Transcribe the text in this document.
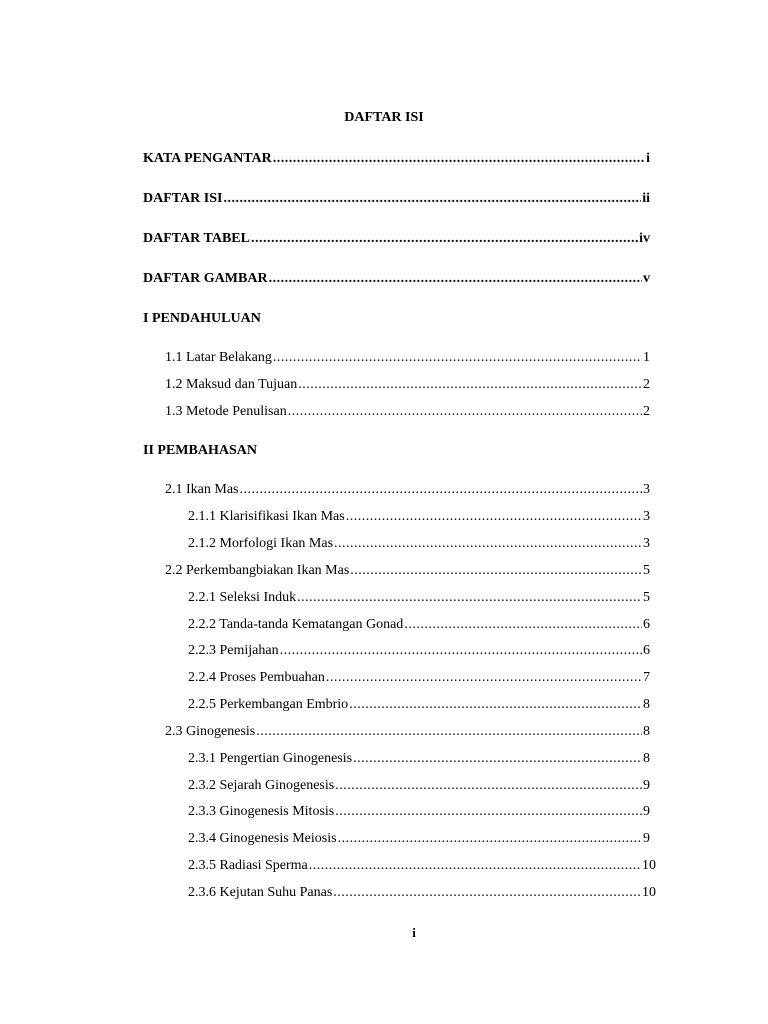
DAFTAR ISI
KATA PENGANTAR .....	i
DAFTAR ISI .....	ii
DAFTAR TABEL .....	iv
DAFTAR GAMBAR .....	v
I PENDAHULUAN
1.1 Latar Belakang .....	1
1.2 Maksud dan Tujuan .....	2
1.3 Metode Penulisan .....	2
II PEMBAHASAN
2.1 Ikan Mas .....	3
2.1.1 Klarisifikasi Ikan Mas .....	3
2.1.2 Morfologi Ikan Mas .....	3
2.2 Perkembangbiakan Ikan Mas .....	5
2.2.1 Seleksi Induk .....	5
2.2.2 Tanda-tanda Kematangan Gonad .....	6
2.2.3 Pemijahan .....	6
2.2.4 Proses Pembuahan .....	7
2.2.5 Perkembangan Embrio .....	8
2.3 Ginogenesis .....	8
2.3.1 Pengertian Ginogenesis .....	8
2.3.2 Sejarah Ginogenesis .....	9
2.3.3 Ginogenesis Mitosis .....	9
2.3.4 Ginogenesis Meiosis .....	9
2.3.5 Radiasi Sperma .....	10
2.3.6 Kejutan Suhu Panas .....	10
i
